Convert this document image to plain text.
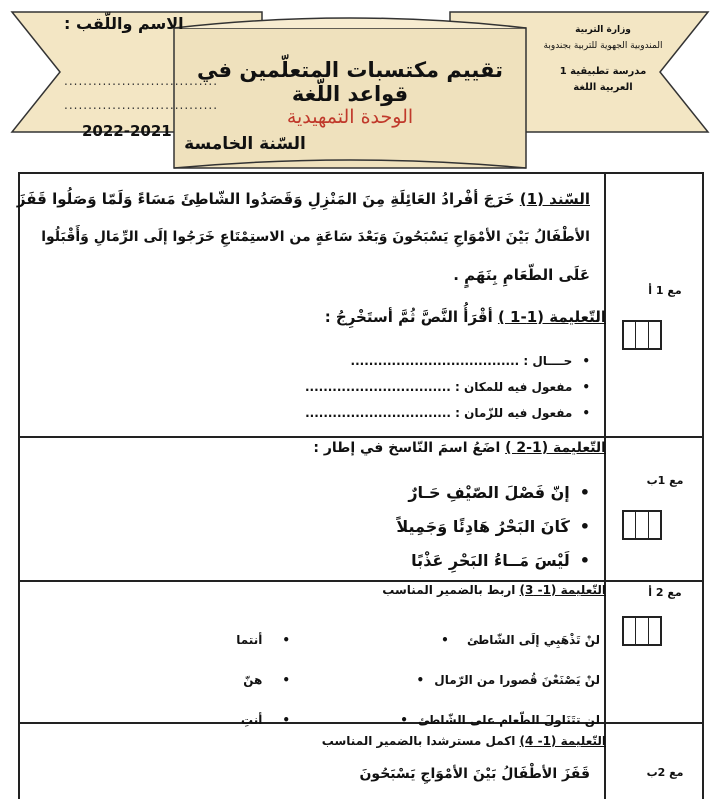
الاسم واللّقب :
................................
................................
2022-2021
وزارة التربية
المندوبية الجهوية للتربية بجندوبة
مدرسة تطبيقية 1
العربية اللغة
تقييم مكتسبات المتعلّمين في قواعد اللّغة
الوحدة التمهيدية
السّنة الخامسة
مع 1 أ
مع 1ب
مع 2 أ
مع 2ب
السّند (1) خَرَجَ أفْرادُ العَائِلَةِ مِنَ المَنْزِلِ وَقَصَدُوا الشّاطِئَ مَسَاءً وَلَمّا وَصَلُوا قَفَزَ
الأطْفَالُ بَيْنَ الأمْوَاجِ يَسْبَحُونَ وَبَعْدَ سَاعَةٍ من الاستِمْتَاعِ خَرَجُوا إلَى الرِّمَالِ وَأَقْبَلُوا
عَلَى الطّعَامِ بِنَهَمٍ .
التّعليمة (1-1 ) أقْرَأُ النَّصَّ ثُمَّ أستَخْرِجُ :
• حــــال : .....................................
• مفعول فيه للمكان : ................................
• مفعول فيه للزّمان : ................................
التّعليمة (1-2 ) اضَعُ اسمَ النّاسخ في إطار :
• إنّ فَصْلَ الصّيْفِ حَـارٌ
• كَانَ البَحْرُ هَادِئًا وَجَمِيلاً
• لَيْسَ مَــاءُ البَحْرِ عَذْبًا
التّعليمة (1- 3) اربط بالضمير المناسب
لنْ تَذْهَبِي إلَى الشّاطئ •
لنْ يَصْنَعْنَ قُصورا من الرّمال •
لن تتَنَاولَ الطّعام على الشّاطئ •
•أنتما
•هنّ
•أنتِ
التّعليمة (1- 4) اكمل مسترشدا بالضمير المناسب
قَفَزَ الأطْفَالُ بَيْنَ الأمْوَاجِ يَسْبَحُونَ
